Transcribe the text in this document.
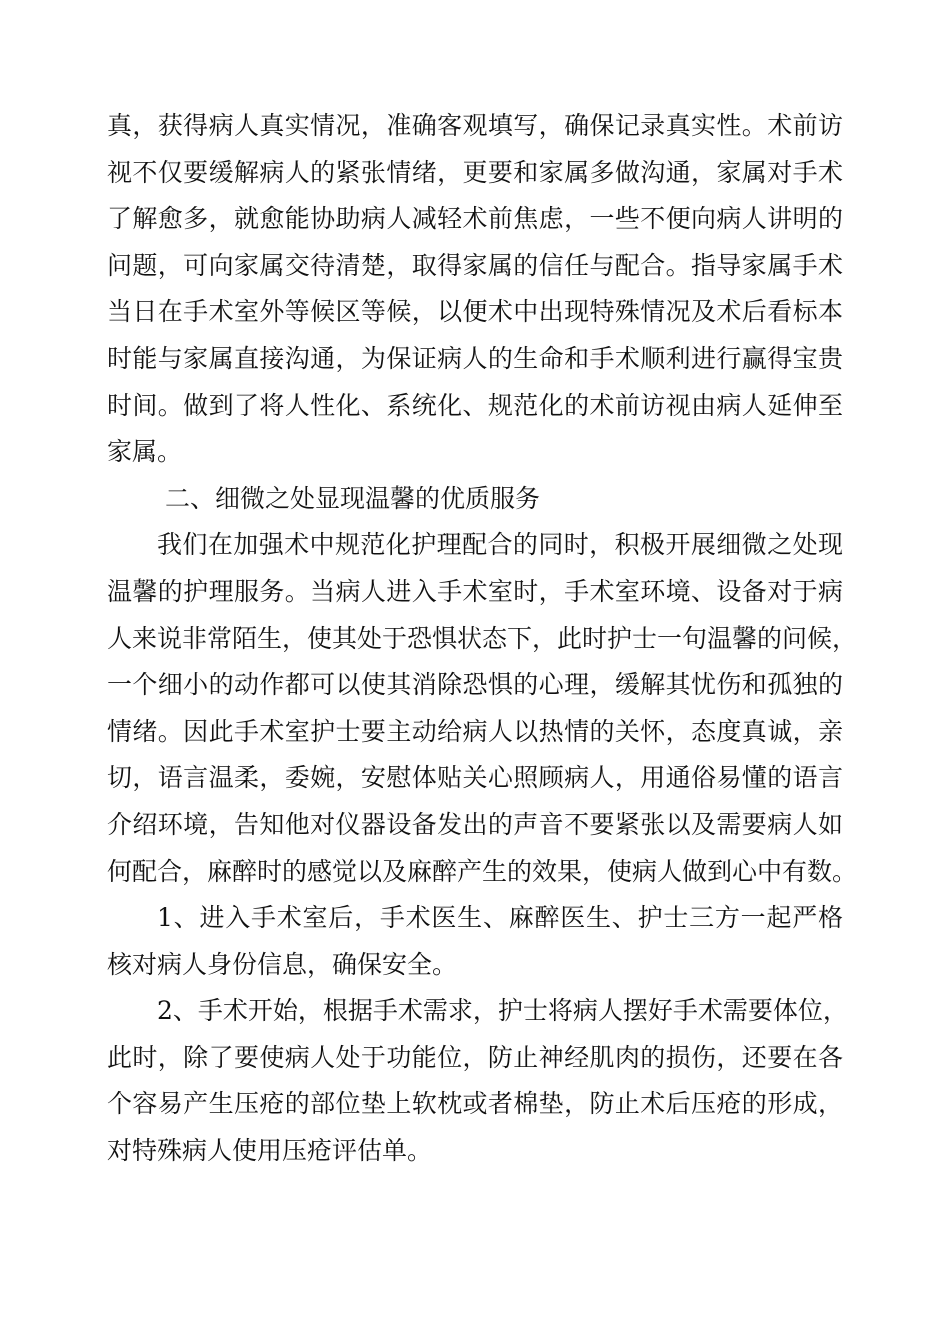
真，获得病人真实情况，准确客观填写，确保记录真实性。术前访
视不仅要缓解病人的紧张情绪，更要和家属多做沟通，家属对手术
了解愈多，就愈能协助病人减轻术前焦虑，一些不便向病人讲明的
问题，可向家属交待清楚，取得家属的信任与配合。指导家属手术
当日在手术室外等候区等候，以便术中出现特殊情况及术后看标本
时能与家属直接沟通，为保证病人的生命和手术顺利进行赢得宝贵
时间。做到了将人性化、系统化、规范化的术前访视由病人延伸至
家属。
二、细微之处显现温馨的优质服务
我们在加强术中规范化护理配合的同时，积极开展细微之处现
温馨的护理服务。当病人进入手术室时，手术室环境、设备对于病
人来说非常陌生，使其处于恐惧状态下，此时护士一句温馨的问候，
一个细小的动作都可以使其消除恐惧的心理，缓解其忧伤和孤独的
情绪。因此手术室护士要主动给病人以热情的关怀，态度真诚，亲
切，语言温柔，委婉，安慰体贴关心照顾病人，用通俗易懂的语言
介绍环境，告知他对仪器设备发出的声音不要紧张以及需要病人如
何配合，麻醉时的感觉以及麻醉产生的效果，使病人做到心中有数。
1、进入手术室后，手术医生、麻醉医生、护士三方一起严格
核对病人身份信息，确保安全。
2、手术开始，根据手术需求，护士将病人摆好手术需要体位，
此时，除了要使病人处于功能位，防止神经肌肉的损伤，还要在各
个容易产生压疮的部位垫上软枕或者棉垫，防止术后压疮的形成，
对特殊病人使用压疮评估单。
